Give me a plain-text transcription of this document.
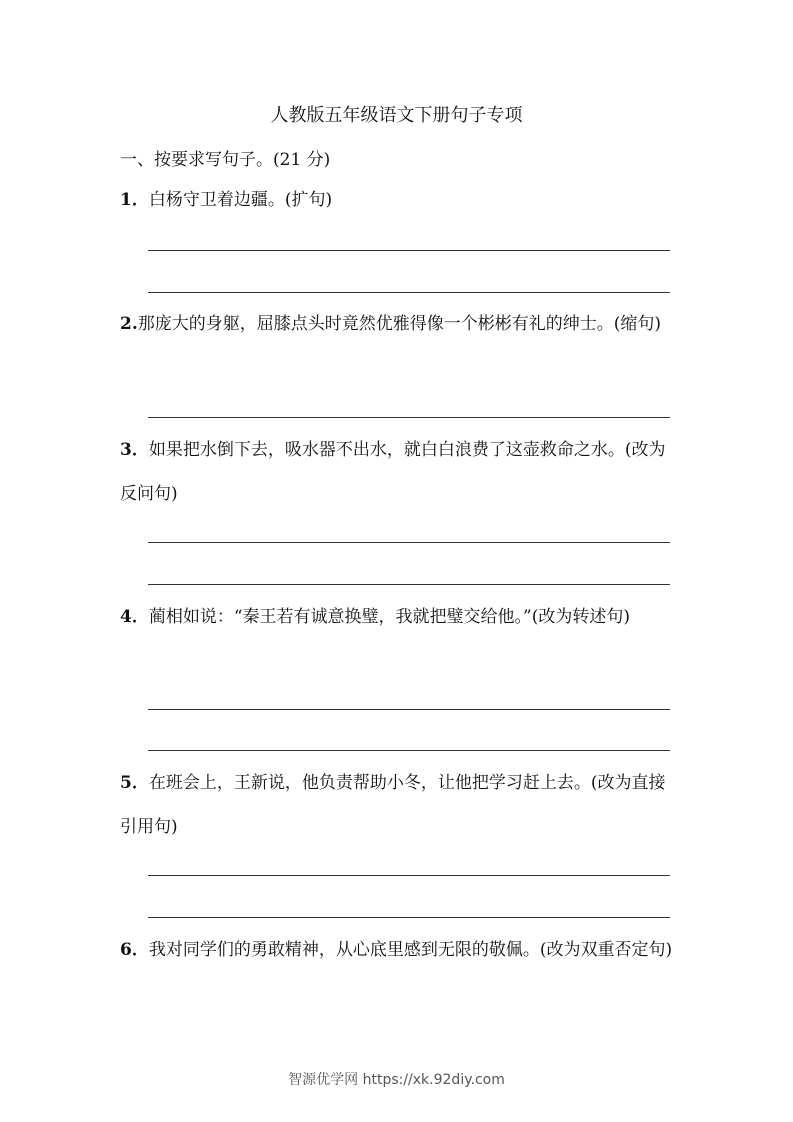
人教版五年级语文下册句子专项
一、按要求写句子。(21 分)
1．白杨守卫着边疆。(扩句)
2.那庞大的身躯，屈膝点头时竟然优雅得像一个彬彬有礼的绅士。(缩句)
3．如果把水倒下去，吸水器不出水，就白白浪费了这壶救命之水。(改为反问句)
4．蔺相如说：“秦王若有诚意换璧，我就把璧交给他。”(改为转述句)
5．在班会上，王新说，他负责帮助小冬，让他把学习赶上去。(改为直接引用句)
6．我对同学们的勇敢精神，从心底里感到无限的敬佩。(改为双重否定句)
智源优学网 https://xk.92diy.com
